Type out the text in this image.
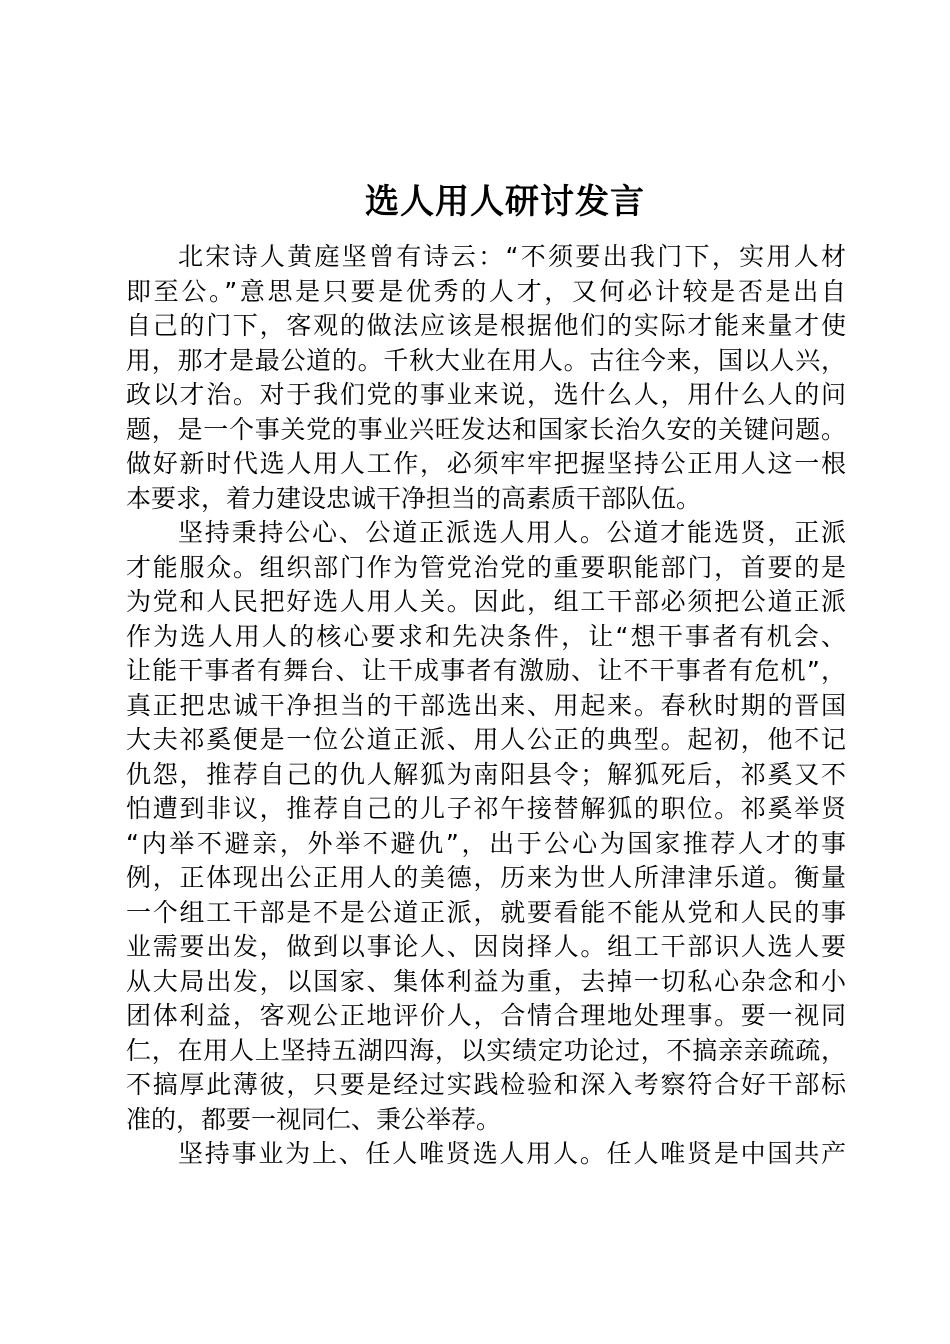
选人用人研讨发言
北宋诗人黄庭坚曾有诗云：“不须要出我门下，实用人材
即至公。”意思是只要是优秀的人才，又何必计较是否是出自
自己的门下，客观的做法应该是根据他们的实际才能来量才使
用，那才是最公道的。千秋大业在用人。古往今来，国以人兴，
政以才治。对于我们党的事业来说，选什么人，用什么人的问
题，是一个事关党的事业兴旺发达和国家长治久安的关键问题。
做好新时代选人用人工作，必须牢牢把握坚持公正用人这一根
本要求，着力建设忠诚干净担当的高素质干部队伍。
坚持秉持公心、公道正派选人用人。公道才能选贤，正派
才能服众。组织部门作为管党治党的重要职能部门，首要的是
为党和人民把好选人用人关。因此，组工干部必须把公道正派
作为选人用人的核心要求和先决条件，让“想干事者有机会、
让能干事者有舞台、让干成事者有激励、让不干事者有危机”，
真正把忠诚干净担当的干部选出来、用起来。春秋时期的晋国
大夫祁奚便是一位公道正派、用人公正的典型。起初，他不记
仇怨，推荐自己的仇人解狐为南阳县令；解狐死后，祁奚又不
怕遭到非议，推荐自己的儿子祁午接替解狐的职位。祁奚举贤
“内举不避亲，外举不避仇”，出于公心为国家推荐人才的事
例，正体现出公正用人的美德，历来为世人所津津乐道。衡量
一个组工干部是不是公道正派，就要看能不能从党和人民的事
业需要出发，做到以事论人、因岗择人。组工干部识人选人要
从大局出发，以国家、集体利益为重，去掉一切私心杂念和小
团体利益，客观公正地评价人，合情合理地处理事。要一视同
仁，在用人上坚持五湖四海，以实绩定功论过，不搞亲亲疏疏，
不搞厚此薄彼，只要是经过实践检验和深入考察符合好干部标
准的，都要一视同仁、秉公举荐。
坚持事业为上、任人唯贤选人用人。任人唯贤是中国共产
